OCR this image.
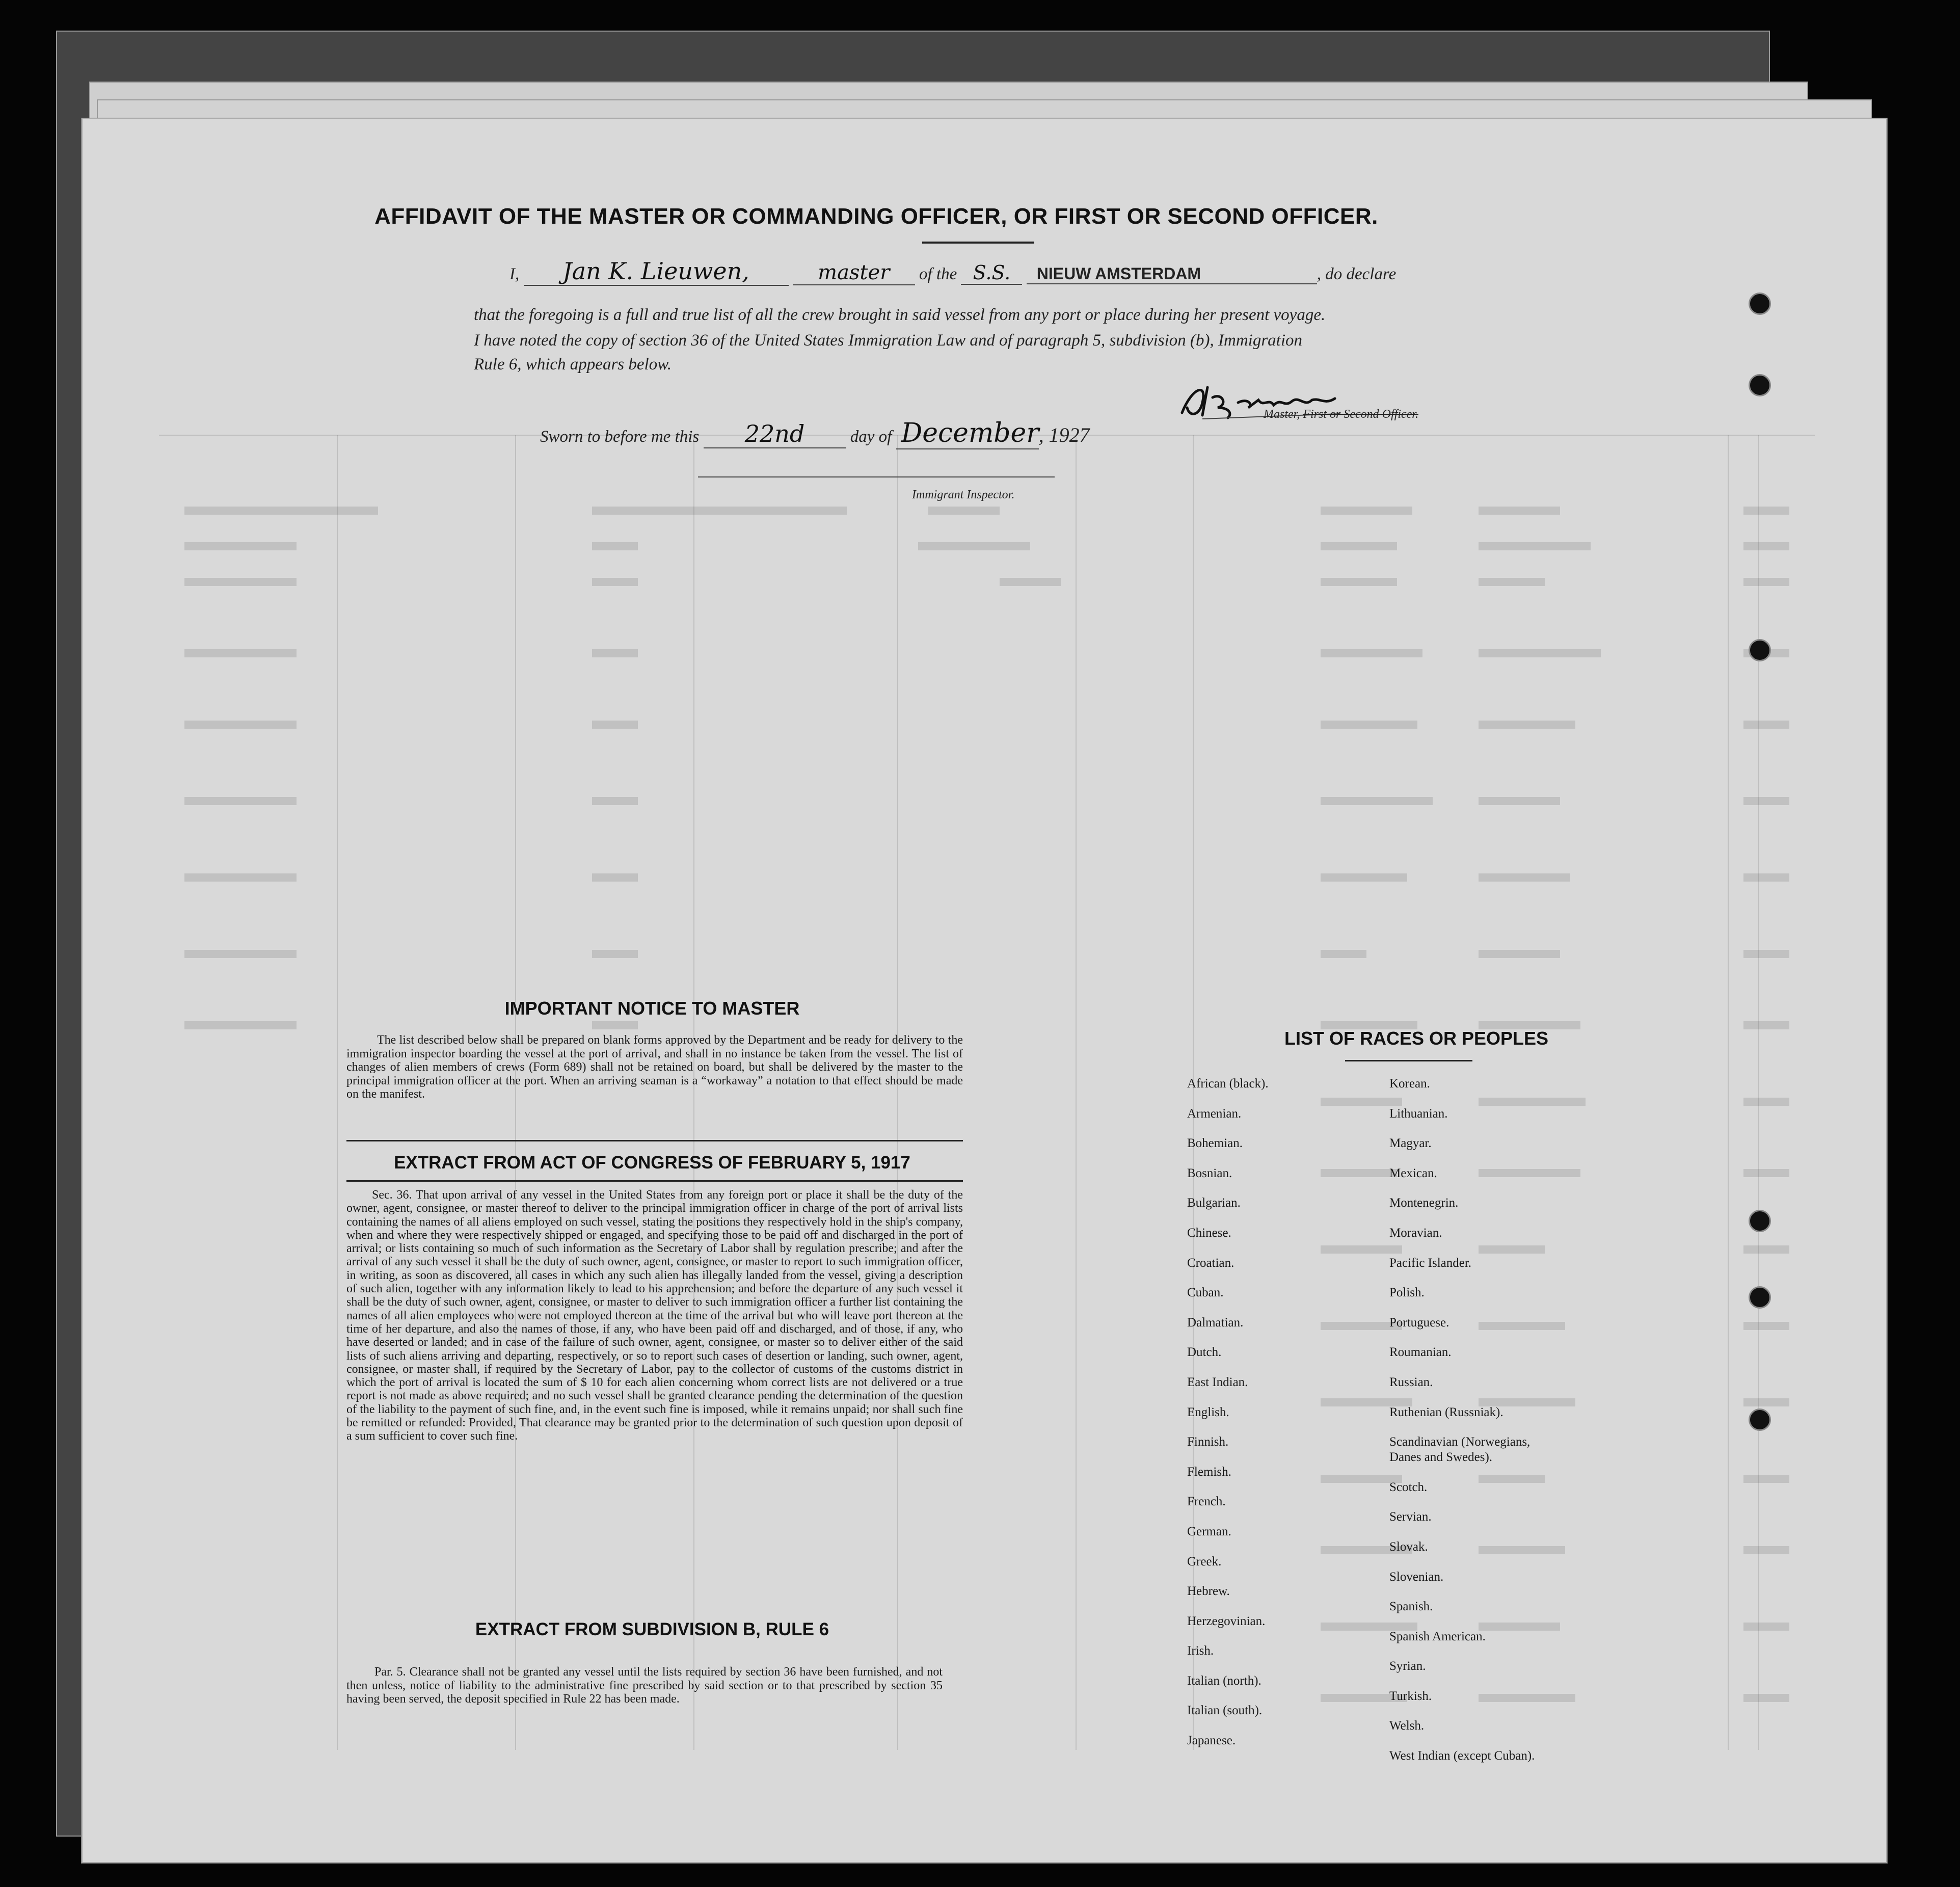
AFFIDAVIT OF THE MASTER OR COMMANDING OFFICER, OR FIRST OR SECOND OFFICER.
I, Jan K. Lieuwen,	master of the S.S. NIEUW AMSTERDAM	, do declare
that the foregoing is a full and true list of all the crew brought in said vessel from any port or place during her present voyage.
I have noted the copy of section 36 of the United States Immigration Law and of paragraph 5, subdivision (b), Immigration
Rule 6, which appears below.
Master, First or Second Officer.
Sworn to before me this 22nd	day of December, 1927
Immigrant Inspector.
IMPORTANT NOTICE TO MASTER
The list described below shall be prepared on blank forms approved by the Department and be ready for delivery to the immigration inspector boarding the vessel at the port of arrival, and shall in no instance be taken from the vessel. The list of changes of alien members of crews (Form 689) shall not be retained on board, but shall be delivered by the master to the principal immigration officer at the port. When an arriving seaman is a “workaway” a notation to that effect should be made on the manifest.
EXTRACT FROM ACT OF CONGRESS OF FEBRUARY 5, 1917
Sec. 36. That upon arrival of any vessel in the United States from any foreign port or place it shall be the duty of the owner, agent, consignee, or master thereof to deliver to the principal immigration officer in charge of the port of arrival lists containing the names of all aliens employed on such vessel, stating the positions they respectively hold in the ship's company, when and where they were respectively shipped or engaged, and specifying those to be paid off and discharged in the port of arrival; or lists containing so much of such information as the Secretary of Labor shall by regulation prescribe; and after the arrival of any such vessel it shall be the duty of such owner, agent, consignee, or master to report to such immigration officer, in writing, as soon as discovered, all cases in which any such alien has illegally landed from the vessel, giving a description of such alien, together with any information likely to lead to his apprehension; and before the departure of any such vessel it shall be the duty of such owner, agent, consignee, or master to deliver to such immigration officer a further list containing the names of all alien employees who were not employed thereon at the time of the arrival but who will leave port thereon at the time of her departure, and also the names of those, if any, who have been paid off and discharged, and of those, if any, who have deserted or landed; and in case of the failure of such owner, agent, consignee, or master so to deliver either of the said lists of such aliens arriving and departing, respectively, or so to report such cases of desertion or landing, such owner, agent, consignee, or master shall, if required by the Secretary of Labor, pay to the collector of customs of the customs district in which the port of arrival is located the sum of $ 10 for each alien concerning whom correct lists are not delivered or a true report is not made as above required; and no such vessel shall be granted clearance pending the determination of the question of the liability to the payment of such fine, and, in the event such fine is imposed, while it remains unpaid; nor shall such fine be remitted or refunded: Provided, That clearance may be granted prior to the determination of such question upon deposit of a sum sufficient to cover such fine.
EXTRACT FROM SUBDIVISION B, RULE 6
Par. 5. Clearance shall not be granted any vessel until the lists required by section 36 have been furnished, and not then unless, notice of liability to the administrative fine prescribed by said section or to that prescribed by section 35 having been served, the deposit specified in Rule 22 has been made.
LIST OF RACES OR PEOPLES
African (black).
Armenian.
Bohemian.
Bosnian.
Bulgarian.
Chinese.
Croatian.
Cuban.
Dalmatian.
Dutch.
East Indian.
English.
Finnish.
Flemish.
French.
German.
Greek.
Hebrew.
Herzegovinian.
Irish.
Italian (north).
Italian (south).
Japanese.
Korean.
Lithuanian.
Magyar.
Mexican.
Montenegrin.
Moravian.
Pacific Islander.
Polish.
Portuguese.
Roumanian.
Russian.
Ruthenian (Russniak).
Scandinavian (Norwegians,
Danes and Swedes).
Scotch.
Servian.
Slovak.
Slovenian.
Spanish.
Spanish American.
Syrian.
Turkish.
Welsh.
West Indian (except Cuban).
